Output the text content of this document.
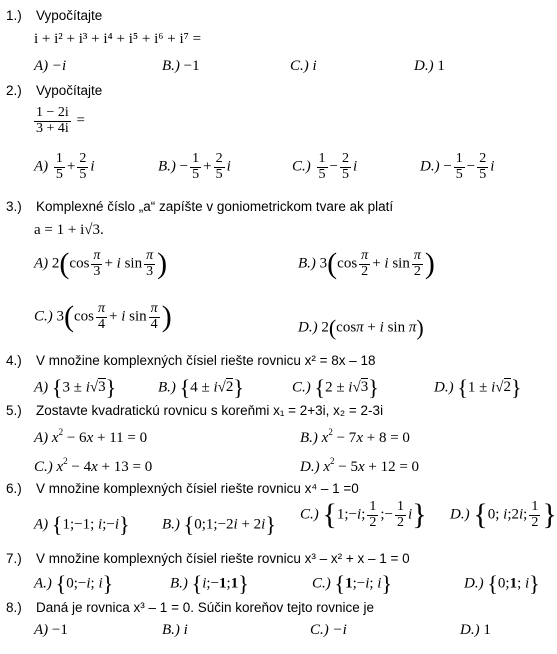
1.) Vypočítajte
i + i² + i³ + i⁴ + i⁵ + i⁶ + i⁷ =
A) −i	B.) −1	C.) i	D.) 1
2.) Vypočítajte
$\frac{1 - 2i}{3 + 4i}$ =
$A) \frac{1}{5} + \frac{2}{5}$ i	$B.) - \frac{1}{5} + \frac{2}{5}$ i	$C.) \frac{1}{5} - \frac{2}{5}$ i	$D.) - \frac{1}{5} - \frac{2}{5}$ i
3.) Komplexné číslo „a“ zapíšte v goniometrickom tvare ak platí
a = 1 + i√3.
A) $2(\cos \frac{\pi}{3} + i$ $\sin \frac{\pi}{3}$ )	B.) $3(\cos \frac{\pi}{2} + i$ $\sin \frac{\pi}{2}$ )
C.) $3(\cos \frac{\pi}{4} + i$ $\sin \frac{\pi}{4}$ )	D.) 2(cosπ + i sin π)
4.) V množine komplexných čísiel riešte rovnicu x² = 8x – 18
A) {3 ± i√3}	B.) {4 ± i√2}	C.) {2 ± i√3}	D.) {1 ± i√2}
5.) Zostavte kvadratickú rovnicu s koreňmi x₁ = 2+3i, x₂ = 2-3i
A) $x^2 - 6x + 11 = 0$	B.) $x^2 - 7x + 8 = 0$
C.) $x^2 - 4x + 13 = 0$	D.) $x^2 - 5x + 12 = 0$
6.) V množine komplexných čísiel riešte rovnicu x⁴ – 1 =0
A) {1;−1; i;−i} B.) {0;1;−2i + 2i} C.) {1;−i; $\frac{1}{2}$ ;− $\frac{1}{2} i$} D.) {0; i;2i; $\frac{1}{2}$ }
7.) V množine komplexných čísiel riešte rovnicu x³ – x² + x – 1 = 0
A.) {0;−i; i}	B.) {i;−1;1}	C.) {1;−i; i}	D.) {0;1; i}
8.) Daná je rovnica x³ – 1 = 0. Súčin koreňov tejto rovnice je
A) −1	B.) i	C.) −i	D.) 1
